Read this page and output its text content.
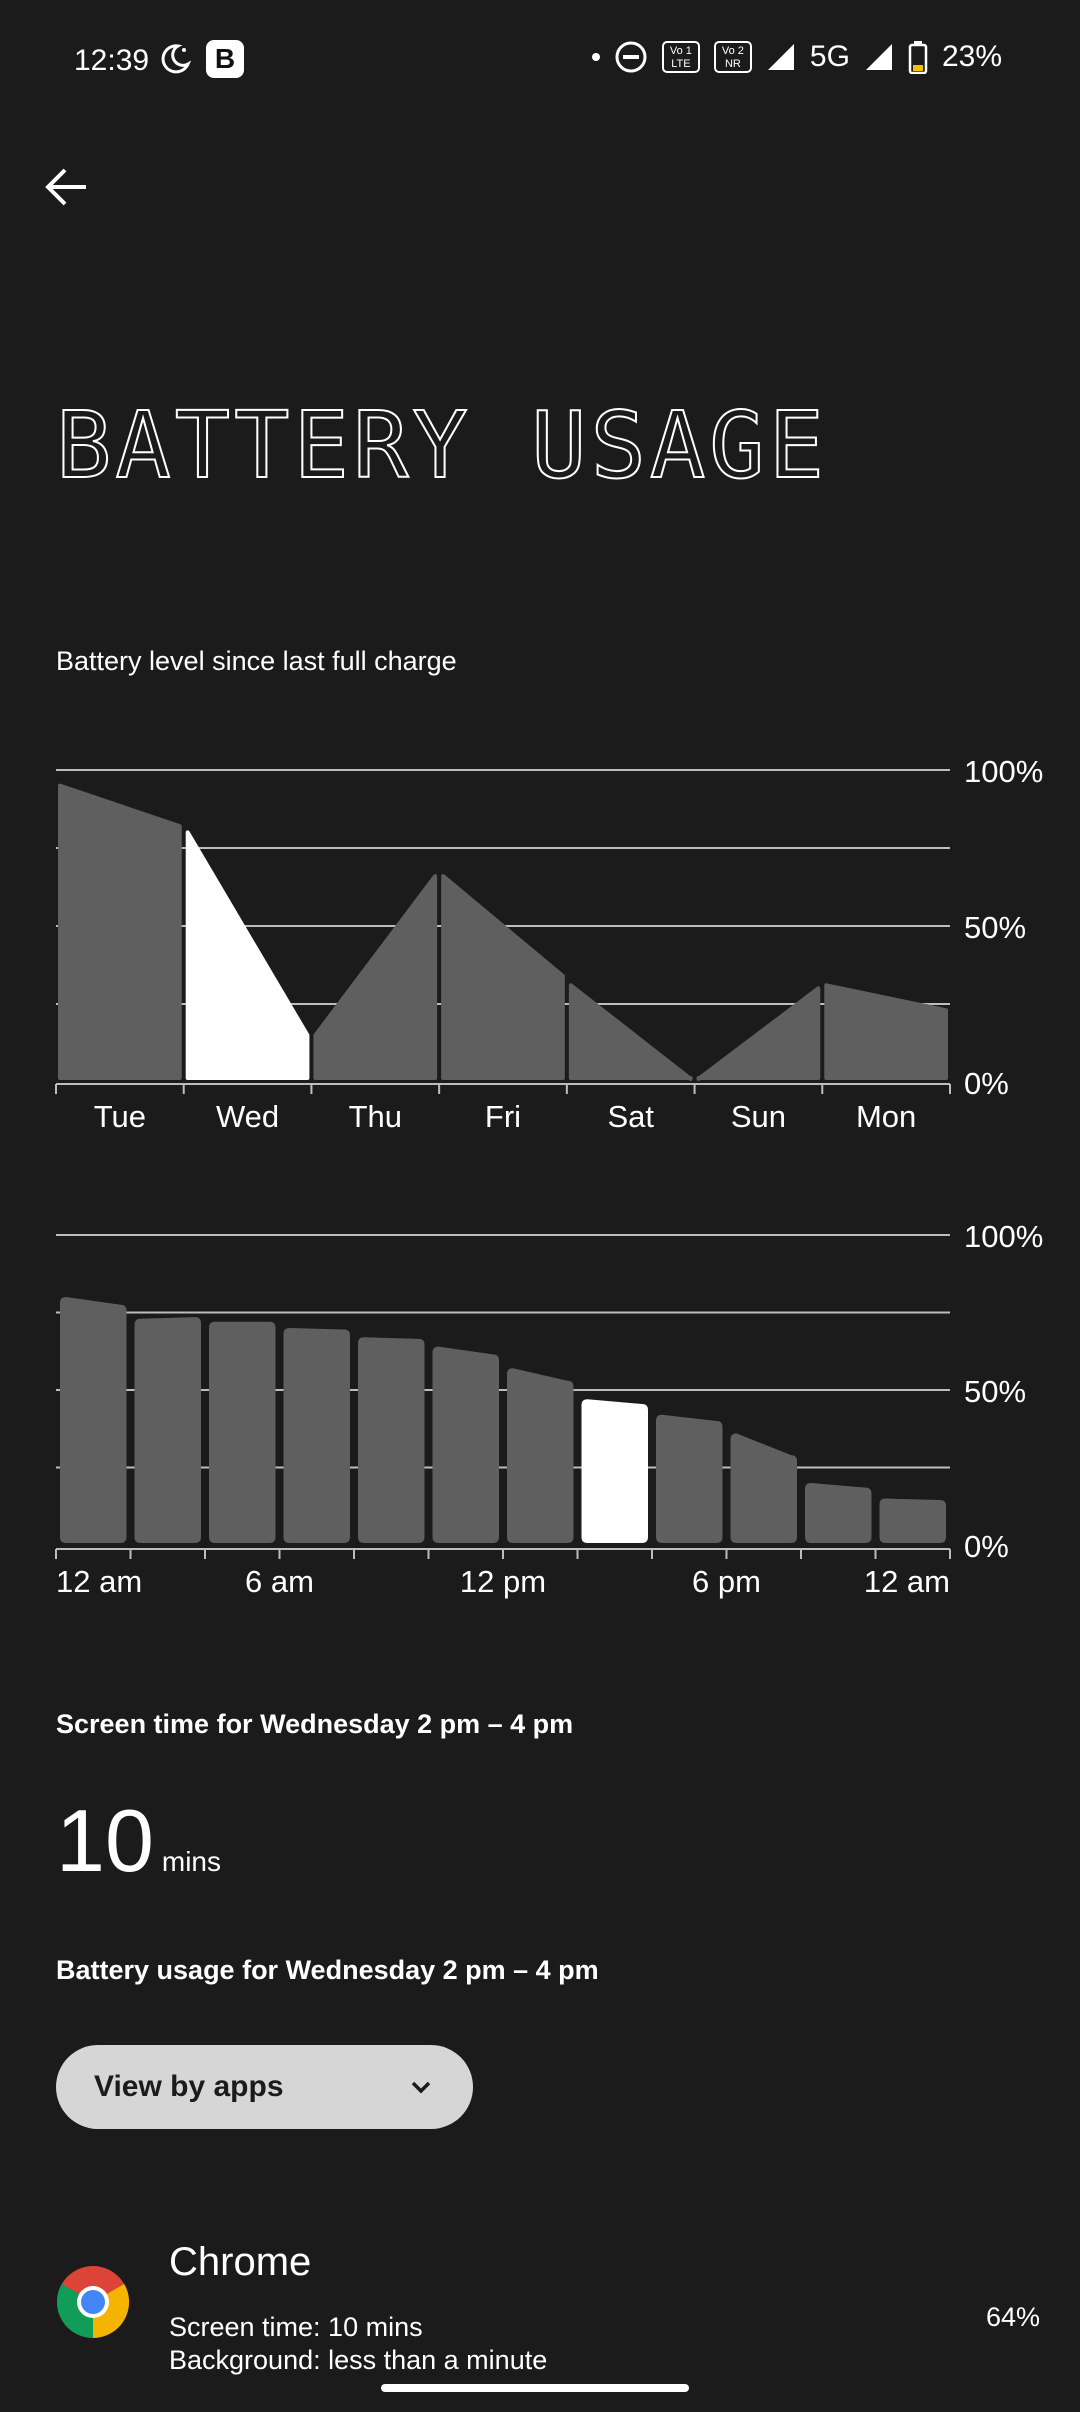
12:39	B	Vo 1 LTE
Vo 2 NR	5G	23%
BATTERY USAGE
Battery level since last full charge
Tue Wed Thu	Fri	Sat Sun Mon
100%
50%
0%
12 am	6 am	12 pm	6 pm	12 am
100%
50%
0%
Screen time for Wednesday 2 pm – 4 pm
10 mins
Battery usage for Wednesday 2 pm – 4 pm
View by apps
Chrome
Screen time: 10 mins
Background: less than a minute
64%
